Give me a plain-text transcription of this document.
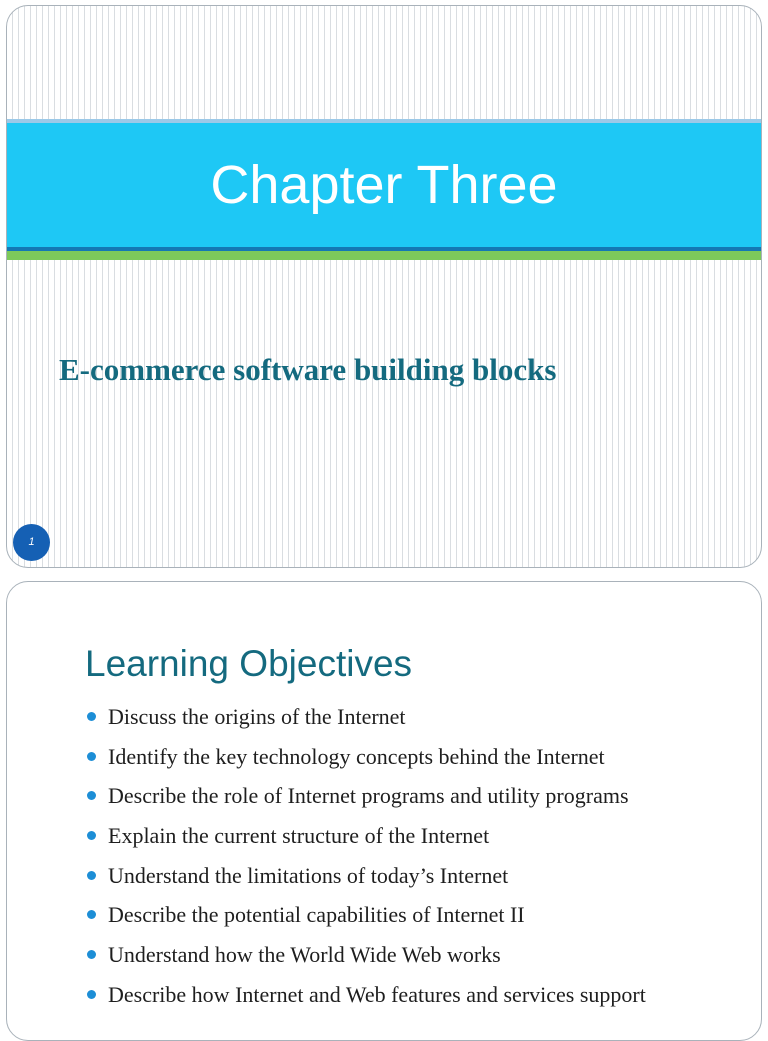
Chapter Three
E-commerce software building blocks
1
Learning Objectives
Discuss the origins of the Internet
Identify the key technology concepts behind the Internet
Describe the role of Internet programs and utility programs
Explain the current structure of the Internet
Understand the limitations of today’s Internet
Describe the potential capabilities of Internet II
Understand how the World Wide Web works
Describe how Internet and Web features and services support
